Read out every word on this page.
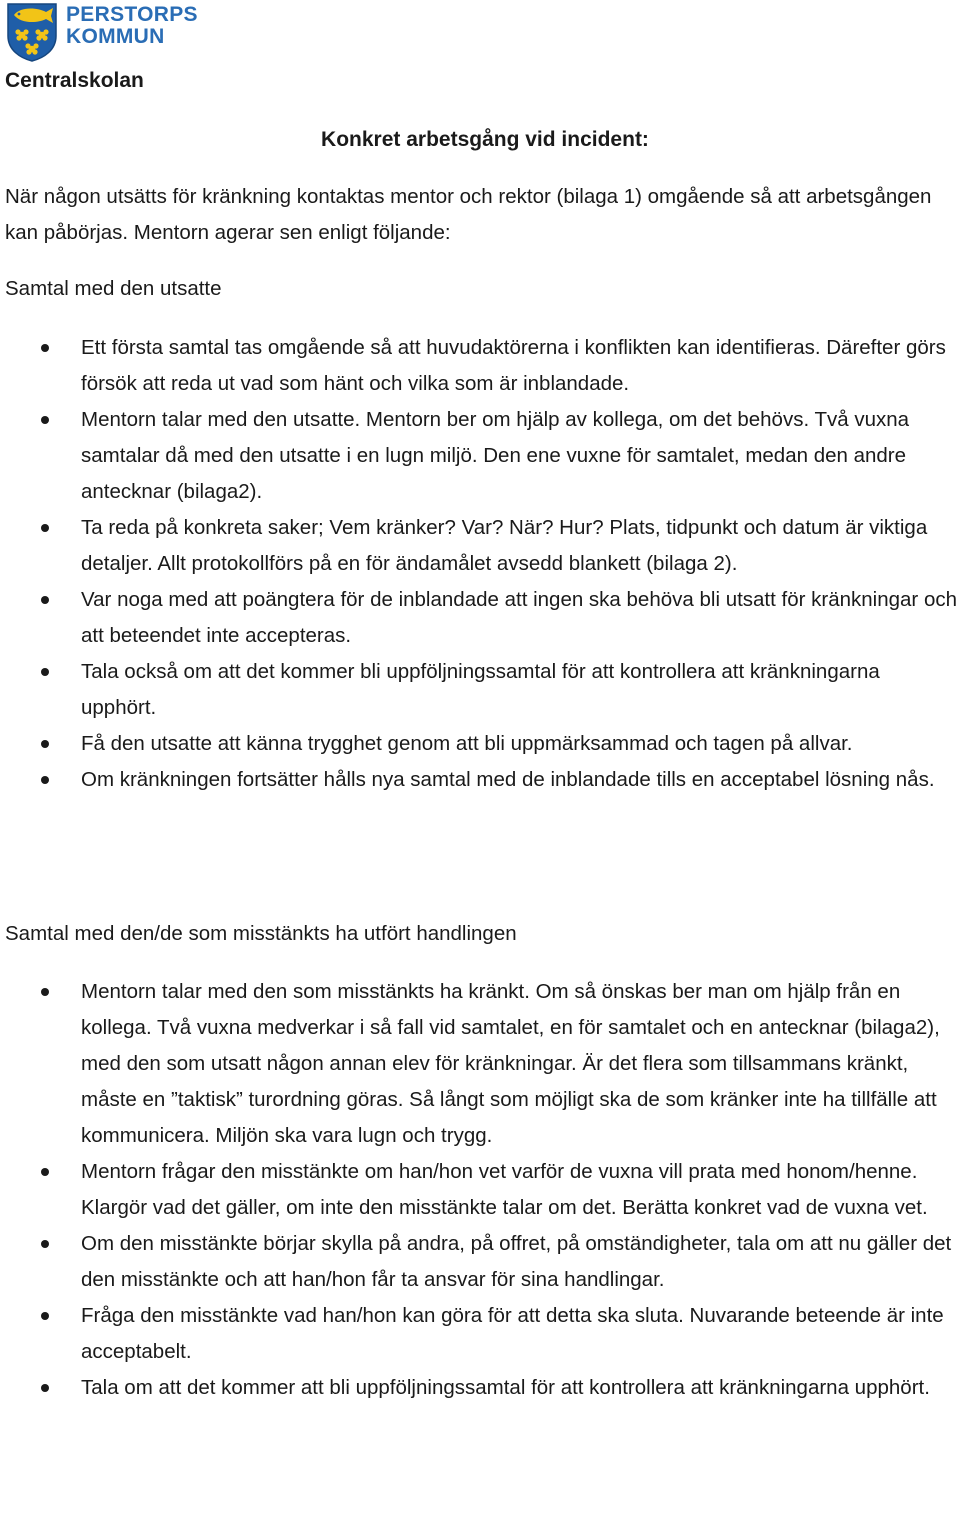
PERSTORPS
KOMMUN
Centralskolan
Konkret arbetsgång vid incident:

När någon utsätts för kränkning kontaktas mentor och rektor (bilaga 1) omgående så att arbetsgången kan påbörjas. Mentorn agerar sen enligt följande:

Samtal med den utsatte
Ett första samtal tas omgående så att huvudaktörerna i konflikten kan identifieras. Därefter görs försök att reda ut vad som hänt och vilka som är inblandade.
Mentorn talar med den utsatte. Mentorn ber om hjälp av kollega, om det behövs. Två vuxna samtalar då med den utsatte i en lugn miljö. Den ene vuxne för samtalet, medan den andre antecknar (bilaga2).
Ta reda på konkreta saker; Vem kränker? Var? När? Hur? Plats, tidpunkt och datum är viktiga detaljer. Allt protokollförs på en för ändamålet avsedd blankett (bilaga 2).
Var noga med att poängtera för de inblandade att ingen ska behöva bli utsatt för kränkningar och att beteendet inte accepteras.
Tala också om att det kommer bli uppföljningssamtal för att kontrollera att kränkningarna upphört.
Få den utsatte att känna trygghet genom att bli uppmärksammad och tagen på allvar.
Om kränkningen fortsätter hålls nya samtal med de inblandade tills en acceptabel lösning nås.
Samtal med den/de som misstänkts ha utfört handlingen
Mentorn talar med den som misstänkts ha kränkt. Om så önskas ber man om hjälp från en kollega. Två vuxna medverkar i så fall vid samtalet, en för samtalet och en antecknar (bilaga2), med den som utsatt någon annan elev för kränkningar. Är det flera som tillsammans kränkt, måste en ”taktisk” turordning göras. Så långt som möjligt ska de som kränker inte ha tillfälle att kommunicera. Miljön ska vara lugn och trygg.
Mentorn frågar den misstänkte om han/hon vet varför de vuxna vill prata med honom/henne. Klargör vad det gäller, om inte den misstänkte talar om det. Berätta konkret vad de vuxna vet.
Om den misstänkte börjar skylla på andra, på offret, på omständigheter, tala om att nu gäller det den misstänkte och att han/hon får ta ansvar för sina handlingar.
Fråga den misstänkte vad han/hon kan göra för att detta ska sluta. Nuvarande beteende är inte acceptabelt.
Tala om att det kommer att bli uppföljningssamtal för att kontrollera att kränkningarna upphört.
